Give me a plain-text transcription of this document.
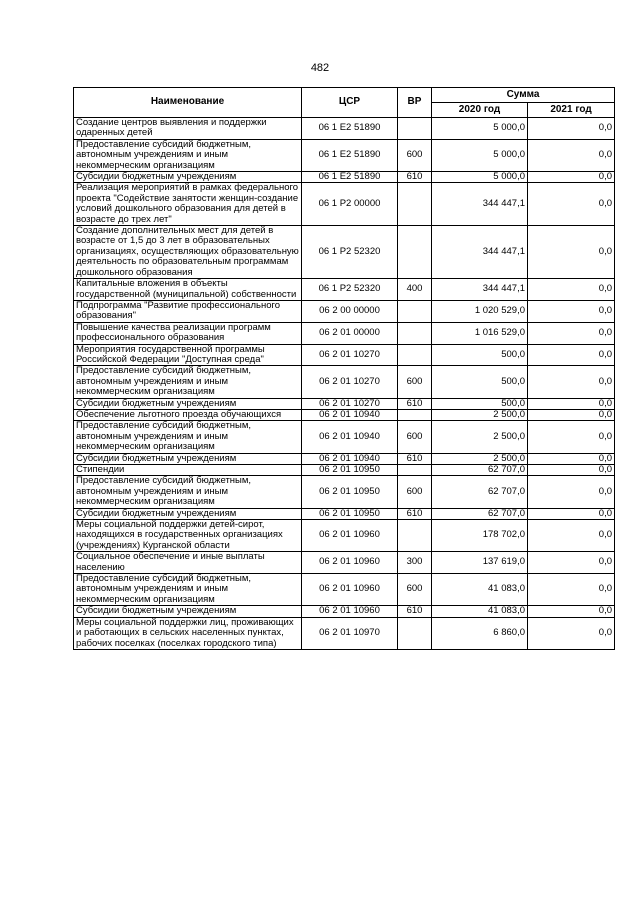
482
Наименование	ЦСР	ВР	Сумма	
			2020 год	2021 год
Создание центров выявления и поддержки одаренных детей	06 1 E2 51890		5 000,0	0,0
Предоставление субсидий бюджетным, автономным учреждениям и иным некоммерческим организациям	06 1 E2 51890	600	5 000,0	0,0
Субсидии бюджетным учреждениям	06 1 E2 51890	610	5 000,0	0,0
Реализация мероприятий в рамках федерального проекта "Содействие занятости женщин-создание условий дошкольного образования для детей в возрасте до трех лет"	06 1 P2 00000		344 447,1	0,0
Создание дополнительных мест для детей в возрасте от 1,5 до 3 лет в образовательных организациях, осуществляющих образовательную деятельность по образовательным программам дошкольного образования	06 1 P2 52320		344 447,1	0,0
Капитальные вложения в объекты государственной (муниципальной) собственности	06 1 P2 52320	400	344 447,1	0,0
Подпрограмма "Развитие профессионального образования"	06 2 00 00000		1 020 529,0	0,0
Повышение качества реализации программ профессионального образования	06 2 01 00000		1 016 529,0	0,0
Мероприятия государственной программы Российской Федерации "Доступная среда"	06 2 01 10270		500,0	0,0
Предоставление субсидий бюджетным, автономным учреждениям и иным некоммерческим организациям	06 2 01 10270	600	500,0	0,0
Субсидии бюджетным учреждениям	06 2 01 10270	610	500,0	0,0
Обеспечение льготного проезда обучающихся	06 2 01 10940		2 500,0	0,0
Предоставление субсидий бюджетным, автономным учреждениям и иным некоммерческим организациям	06 2 01 10940	600	2 500,0	0,0
Субсидии бюджетным учреждениям	06 2 01 10940	610	2 500,0	0,0
Стипендии	06 2 01 10950		62 707,0	0,0
Предоставление субсидий бюджетным, автономным учреждениям и иным некоммерческим организациям	06 2 01 10950	600	62 707,0	0,0
Субсидии бюджетным учреждениям	06 2 01 10950	610	62 707,0	0,0
Меры социальной поддержки детей-сирот, находящихся в государственных организациях (учреждениях) Курганской области	06 2 01 10960		178 702,0	0,0
Социальное обеспечение и иные выплаты населению	06 2 01 10960	300	137 619,0	0,0
Предоставление субсидий бюджетным, автономным учреждениям и иным некоммерческим организациям	06 2 01 10960	600	41 083,0	0,0
Субсидии бюджетным учреждениям	06 2 01 10960	610	41 083,0	0,0
Меры социальной поддержки лиц, проживающих и работающих в сельских населенных пунктах, рабочих поселках (поселках городского типа)	06 2 01 10970		6 860,0	0,0
